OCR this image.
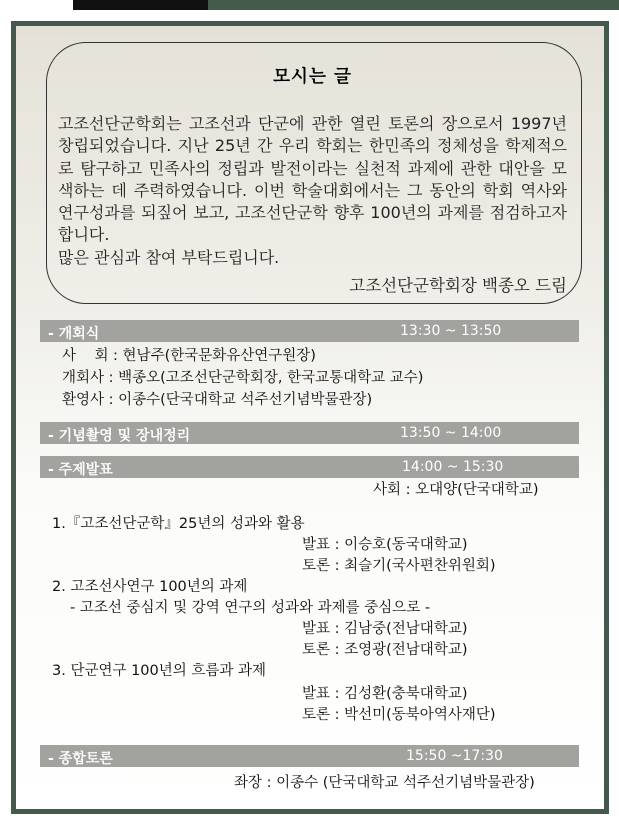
모시는 글
고조선단군학회는 고조선과 단군에 관한 열린 토론의 장으로서 1997년 창립되었습니다. 지난 25년 간 우리 학회는 한민족의 정체성을 학제적으로 탐구하고 민족사의 정립과 발전이라는 실천적 과제에 관한 대안을 모색하는 데 주력하였습니다. 이번 학술대회에서는 그 동안의 학회 역사와 연구성과를 되짚어 보고, 고조선단군학 향후 100년의 과제를 점검하고자 합니다.
많은 관심과 참여 부탁드립니다.
고조선단군학회장 백종오 드림
- 개회식	13:30 ~ 13:50
사    회 : 현남주(한국문화유산연구원장)
개회사 : 백종오(고조선단군학회장, 한국교통대학교 교수)
환영사 : 이종수(단국대학교 석주선기념박물관장)
- 기념촬영 및 장내정리	13:50 ~ 14:00
- 주제발표	14:00 ~ 15:30
사회 : 오대양(단국대학교)
1.『고조선단군학』25년의 성과와 활용
발표 : 이승호(동국대학교)
토론 : 최슬기(국사편찬위원회)
2. 고조선사연구 100년의 과제
- 고조선 중심지 및 강역 연구의 성과와 과제를 중심으로 -
발표 : 김남중(전남대학교)
토론 : 조영광(전남대학교)
3. 단군연구 100년의 흐름과 과제
발표 : 김성환(충북대학교)
토론 : 박선미(동북아역사재단)
- 종합토론	15:50 ~17:30
좌장 : 이종수 (단국대학교 석주선기념박물관장)
